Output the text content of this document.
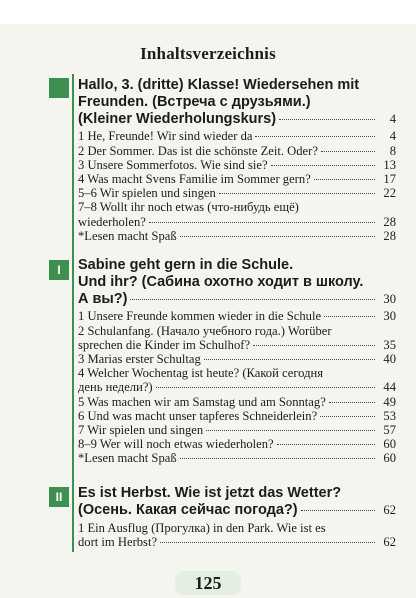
Inhaltsverzeichnis
Hallo, 3. (dritte) Klasse! Wiedersehen mit
Freunden. (Встреча с друзьями.)
(Kleiner Wiederholungskurs)	4
1 He, Freunde! Wir sind wieder da	4
2 Der Sommer. Das ist die schönste Zeit. Oder?	8
3 Unsere Sommerfotos. Wie sind sie?	13
4 Was macht Svens Familie im Sommer gern?	17
5–6 Wir spielen und singen	22
7–8 Wollt ihr noch etwas (что-нибудь ещё)
wiederholen?	28
*Lesen macht Spaß	28
I	Sabine geht gern in die Schule.
Und ihr? (Сабина охотно ходит в школу.
А вы?)	30
1 Unsere Freunde kommen wieder in die Schule	30
2 Schulanfang. (Начало учебного года.) Worüber
sprechen die Kinder im Schulhof?	35
3 Marias erster Schultag	40
4 Welcher Wochentag ist heute? (Какой сегодня
день недели?)	44
5 Was machen wir am Samstag und am Sonntag?	49
6 Und was macht unser tapferes Schneiderlein?	53
7 Wir spielen und singen	57
8–9 Wer will noch etwas wiederholen?	60
*Lesen macht Spaß	60
II	Es ist Herbst. Wie ist jetzt das Wetter?
(Осень. Какая сейчас погода?)	62
1 Ein Ausflug (Прогулка) in den Park. Wie ist es
dort im Herbst?	62
125
